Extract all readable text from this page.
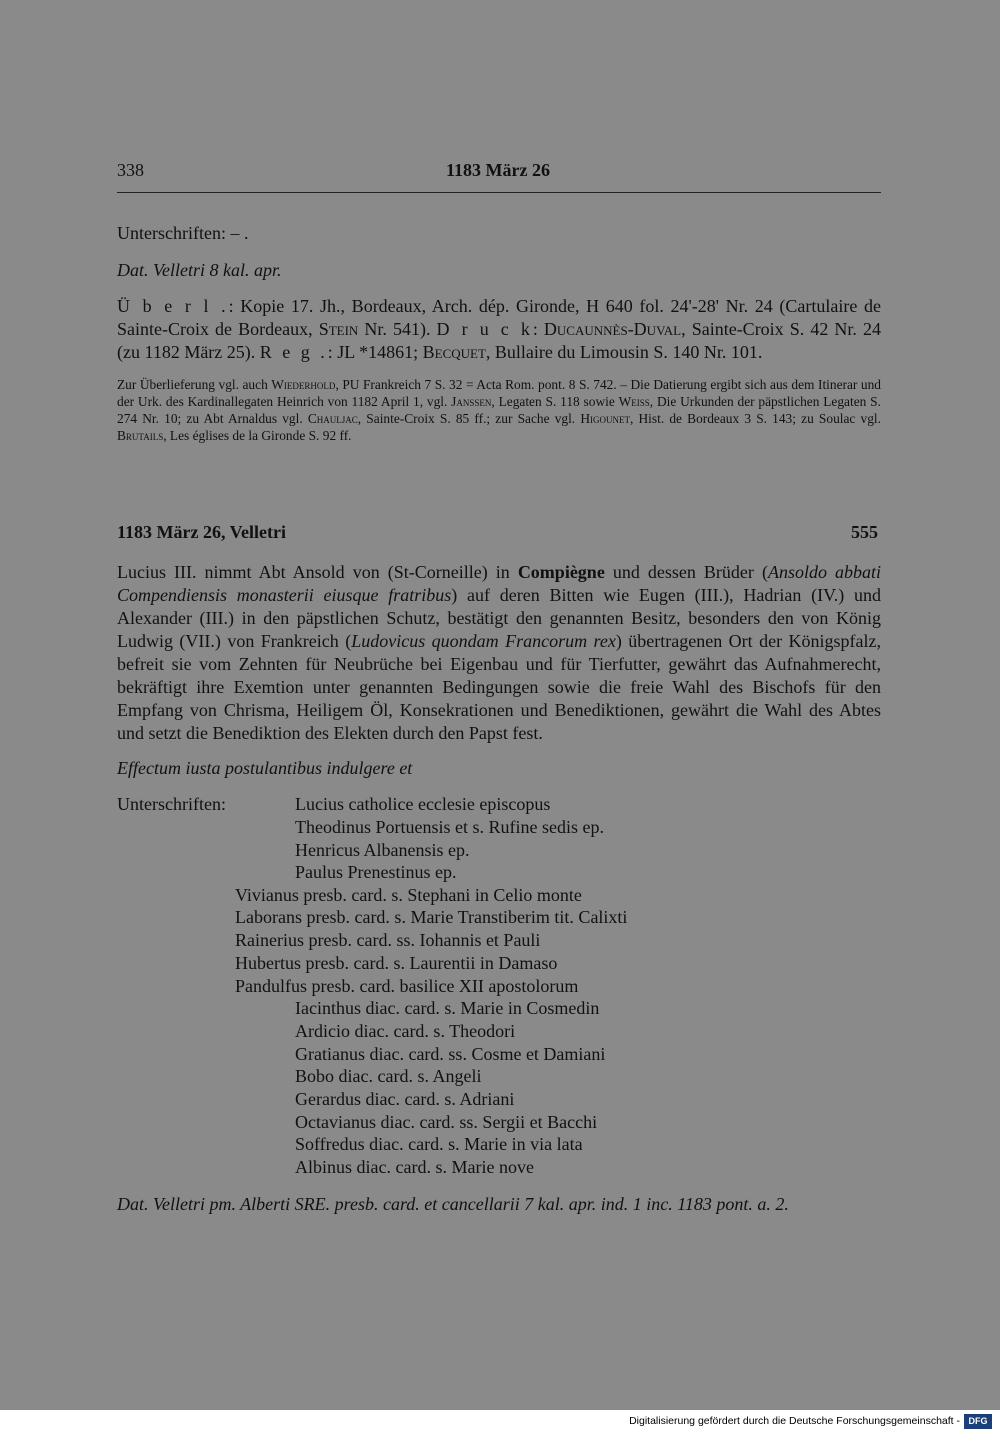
338	1183 März 26
Unterschriften: – .
Dat. Velletri 8 kal. apr.
Ü b e r l .: Kopie 17. Jh., Bordeaux, Arch. dép. Gironde, H 640 fol. 24'-28' Nr. 24 (Cartulaire de Sainte-Croix de Bordeaux, Stein Nr. 541). D r u c k: Ducaunnès-Duval, Sainte-Croix S. 42 Nr. 24 (zu 1182 März 25). R e g .: JL *14861; Becquet, Bullaire du Limousin S. 140 Nr. 101.
Zur Überlieferung vgl. auch Wiederhold, PU Frankreich 7 S. 32 = Acta Rom. pont. 8 S. 742. – Die Datierung ergibt sich aus dem Itinerar und der Urk. des Kardinallegaten Heinrich von 1182 April 1, vgl. Janssen, Legaten S. 118 sowie Weiss, Die Urkunden der päpstlichen Legaten S. 274 Nr. 10; zu Abt Arnaldus vgl. Chauljac, Sainte-Croix S. 85 ff.; zur Sache vgl. Higounet, Hist. de Bordeaux 3 S. 143; zu Soulac vgl. Brutails, Les églises de la Gironde S. 92 ff.
1183 März 26, Velletri	555
Lucius III. nimmt Abt Ansold von (St-Corneille) in Compiègne und dessen Brüder (Ansoldo abbati Compendiensis monasterii eiusque fratribus) auf deren Bitten wie Eugen (III.), Hadrian (IV.) und Alexander (III.) in den päpstlichen Schutz, bestätigt den genannten Besitz, besonders den von König Ludwig (VII.) von Frankreich (Ludovicus quondam Francorum rex) übertragenen Ort der Königspfalz, befreit sie vom Zehnten für Neubrüche bei Eigenbau und für Tierfutter, gewährt das Aufnahmerecht, bekräftigt ihre Exemtion unter genannten Bedingungen sowie die freie Wahl des Bischofs für den Empfang von Chrisma, Heiligem Öl, Konsekrationen und Benediktionen, gewährt die Wahl des Abtes und setzt die Benediktion des Elekten durch den Papst fest.
Effectum iusta postulantibus indulgere et
Unterschriften:	Lucius catholice ecclesie episcopus
Theodinus Portuensis et s. Rufine sedis ep.
Henricus Albanensis ep.
Paulus Prenestinus ep.
Vivianus presb. card. s. Stephani in Celio monte
Laborans presb. card. s. Marie Transtiberim tit. Calixti
Rainerius presb. card. ss. Iohannis et Pauli
Hubertus presb. card. s. Laurentii in Damaso
Pandulfus presb. card. basilice XII apostolorum
Iacinthus diac. card. s. Marie in Cosmedin
Ardicio diac. card. s. Theodori
Gratianus diac. card. ss. Cosme et Damiani
Bobo diac. card. s. Angeli
Gerardus diac. card. s. Adriani
Octavianus diac. card. ss. Sergii et Bacchi
Soffredus diac. card. s. Marie in via lata
Albinus diac. card. s. Marie nove
Dat. Velletri pm. Alberti SRE. presb. card. et cancellarii 7 kal. apr. ind. 1 inc. 1183 pont. a. 2.
Digitalisierung gefördert durch die Deutsche Forschungsgemeinschaft - DFG
